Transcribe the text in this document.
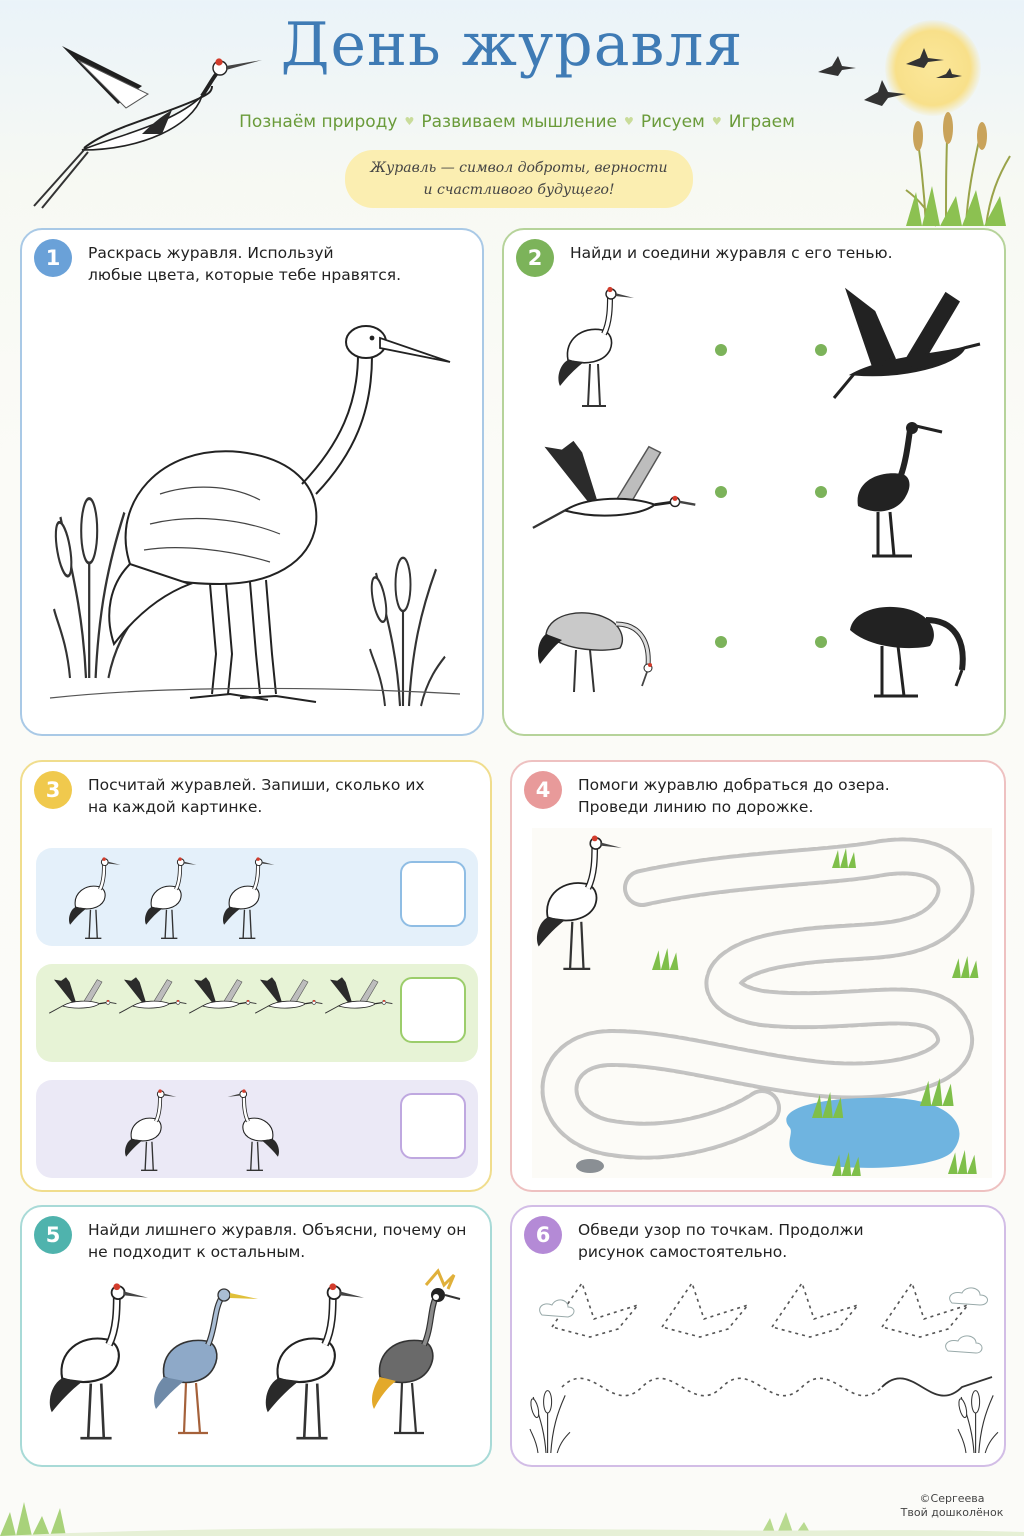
День журавля
Познаём природу ♥ Развиваем мышление ♥ Рисуем ♥ Играем
Журавль — символ доброты, верности
и счастливого будущего!
1	Раскрась журавля. Используй
любые цвета, которые тебе нравятся.
2	Найди и соедини журавля с его тенью.
3	Посчитай журавлей. Запиши, сколько их
на каждой картинке.
4	Помоги журавлю добраться до озера.
Проведи линию по дорожке.
5	Найди лишнего журавля. Объясни, почему он
не подходит к остальным.
6	Обведи узор по точкам. Продолжи
рисунок самостоятельно.
©Сергеева
Твой дошколёнок
